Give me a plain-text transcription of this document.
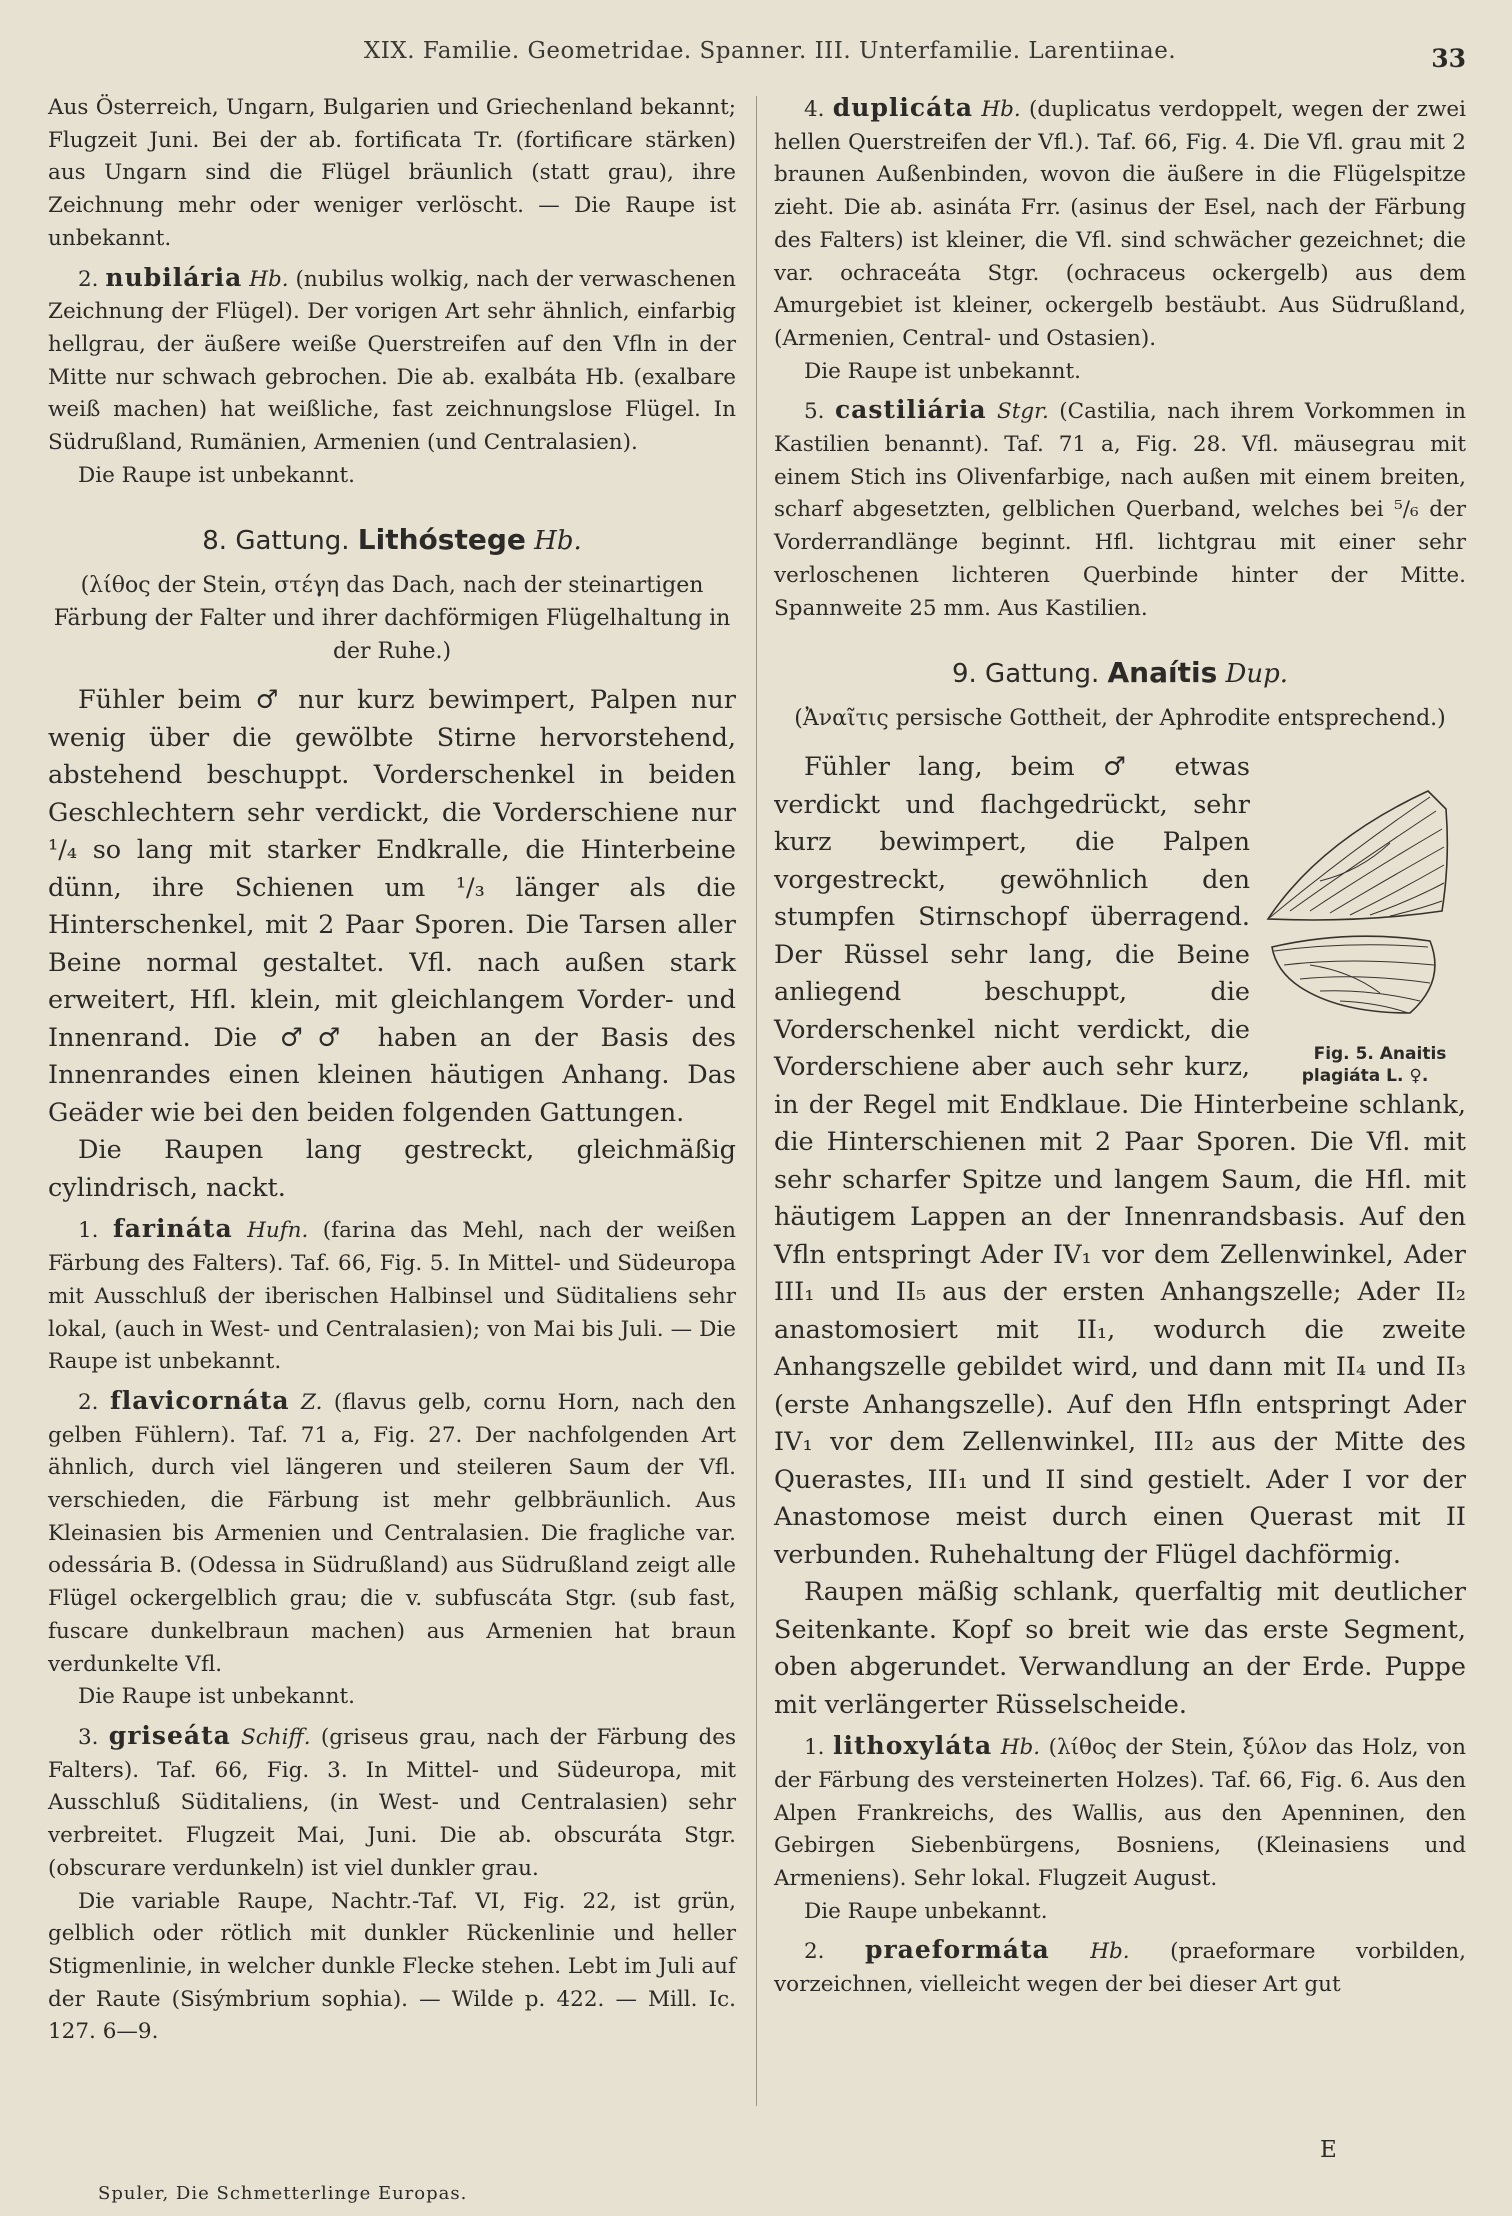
XIX. Familie. Geometridae. Spanner. III. Unterfamilie. Larentiinae.	33

Aus Österreich, Ungarn, Bulgarien und Griechenland bekannt; Flugzeit Juni. Bei der ab. fortificata Tr. (fortificare stärken) aus Ungarn sind die Flügel bräunlich (statt grau), ihre Zeichnung mehr oder weniger verlöscht. — Die Raupe ist unbekannt.

2. nubilária Hb. (nubilus wolkig, nach der verwaschenen Zeichnung der Flügel). Der vorigen Art sehr ähnlich, einfarbig hellgrau, der äußere weiße Querstreifen auf den Vfln in der Mitte nur schwach gebrochen. Die ab. exalbáta Hb. (exalbare weiß machen) hat weißliche, fast zeichnungslose Flügel. In Südrußland, Rumänien, Armenien (und Centralasien).

Die Raupe ist unbekannt.

8. Gattung. Lithóstege Hb.

(λίθος der Stein, στέγη das Dach, nach der steinartigen Färbung der Falter und ihrer dachförmigen Flügelhaltung in der Ruhe.)

Fühler beim ♂ nur kurz bewimpert, Palpen nur wenig über die gewölbte Stirne hervorstehend, abstehend beschuppt. Vorderschenkel in beiden Geschlechtern sehr verdickt, die Vorderschiene nur ¹/₄ so lang mit starker Endkralle, die Hinterbeine dünn, ihre Schienen um ¹/₃ länger als die Hinterschenkel, mit 2 Paar Sporen. Die Tarsen aller Beine normal gestaltet. Vfl. nach außen stark erweitert, Hfl. klein, mit gleichlangem Vorder- und Innenrand. Die ♂♂ haben an der Basis des Innenrandes einen kleinen häutigen Anhang. Das Geäder wie bei den beiden folgenden Gattungen.

Die Raupen lang gestreckt, gleichmäßig cylindrisch, nackt.

1. farináta Hufn. (farina das Mehl, nach der weißen Färbung des Falters). Taf. 66, Fig. 5. In Mittel- und Südeuropa mit Ausschluß der iberischen Halbinsel und Süditaliens sehr lokal, (auch in West- und Centralasien); von Mai bis Juli. — Die Raupe ist unbekannt.

2. flavicornáta Z. (flavus gelb, cornu Horn, nach den gelben Fühlern). Taf. 71 a, Fig. 27. Der nachfolgenden Art ähnlich, durch viel längeren und steileren Saum der Vfl. verschieden, die Färbung ist mehr gelbbräunlich. Aus Kleinasien bis Armenien und Centralasien. Die fragliche var. odessária B. (Odessa in Südrußland) aus Südrußland zeigt alle Flügel ockergelblich grau; die v. subfuscáta Stgr. (sub fast, fuscare dunkelbraun machen) aus Armenien hat braun verdunkelte Vfl.

Die Raupe ist unbekannt.

3. griseáta Schiff. (griseus grau, nach der Färbung des Falters). Taf. 66, Fig. 3. In Mittel- und Südeuropa, mit Ausschluß Süditaliens, (in West- und Centralasien) sehr verbreitet. Flugzeit Mai, Juni. Die ab. obscuráta Stgr. (obscurare verdunkeln) ist viel dunkler grau.

Die variable Raupe, Nachtr.-Taf. VI, Fig. 22, ist grün, gelblich oder rötlich mit dunkler Rückenlinie und heller Stigmenlinie, in welcher dunkle Flecke stehen. Lebt im Juli auf der Raute (Sisýmbrium sophia). — Wilde p. 422. — Mill. Ic. 127. 6—9.

4. duplicáta Hb. (duplicatus verdoppelt, wegen der zwei hellen Querstreifen der Vfl.). Taf. 66, Fig. 4. Die Vfl. grau mit 2 braunen Außenbinden, wovon die äußere in die Flügelspitze zieht. Die ab. asináta Frr. (asinus der Esel, nach der Färbung des Falters) ist kleiner, die Vfl. sind schwächer gezeichnet; die var. ochraceáta Stgr. (ochraceus ockergelb) aus dem Amurgebiet ist kleiner, ockergelb bestäubt. Aus Südrußland, (Armenien, Central- und Ostasien).

Die Raupe ist unbekannt.

5. castiliária Stgr. (Castilia, nach ihrem Vorkommen in Kastilien benannt). Taf. 71 a, Fig. 28. Vfl. mäusegrau mit einem Stich ins Olivenfarbige, nach außen mit einem breiten, scharf abgesetzten, gelblichen Querband, welches bei ⁵/₆ der Vorderrandlänge beginnt. Hfl. lichtgrau mit einer sehr verloschenen lichteren Querbinde hinter der Mitte. Spannweite 25 mm. Aus Kastilien.

9. Gattung. Anaítis Dup.

(Ἀναῖτις persische Gottheit, der Aphrodite entsprechend.)

Fig. 5. Anaitis plagiáta L. ♀.
Fühler lang, beim ♂ etwas verdickt und flachgedrückt, sehr kurz bewimpert, die Palpen vorgestreckt, gewöhnlich den stumpfen Stirnschopf überragend. Der Rüssel sehr lang, die Beine anliegend beschuppt, die Vorderschenkel nicht verdickt, die Vorderschiene aber auch sehr kurz, in der Regel mit Endklaue. Die Hinterbeine schlank, die Hinterschienen mit 2 Paar Sporen. Die Vfl. mit sehr scharfer Spitze und langem Saum, die Hfl. mit häutigem Lappen an der Innenrandsbasis. Auf den Vfln entspringt Ader IV₁ vor dem Zellenwinkel, Ader III₁ und II₅ aus der ersten Anhangszelle; Ader II₂ anastomosiert mit II₁, wodurch die zweite Anhangszelle gebildet wird, und dann mit II₄ und II₃ (erste Anhangszelle). Auf den Hfln entspringt Ader IV₁ vor dem Zellenwinkel, III₂ aus der Mitte des Querastes, III₁ und II sind gestielt. Ader I vor der Anastomose meist durch einen Querast mit II verbunden. Ruhehaltung der Flügel dachförmig.

Raupen mäßig schlank, querfaltig mit deutlicher Seitenkante. Kopf so breit wie das erste Segment, oben abgerundet. Verwandlung an der Erde. Puppe mit verlängerter Rüsselscheide.

1. lithoxyláta Hb. (λίθος der Stein, ξύλον das Holz, von der Färbung des versteinerten Holzes). Taf. 66, Fig. 6. Aus den Alpen Frankreichs, des Wallis, aus den Apenninen, den Gebirgen Siebenbürgens, Bosniens, (Kleinasiens und Armeniens). Sehr lokal. Flugzeit August.

Die Raupe unbekannt.

2. praeformáta Hb. (praeformare vorbilden, vorzeichnen, vielleicht wegen der bei dieser Art gut

E
Spuler, Die Schmetterlinge Europas.
